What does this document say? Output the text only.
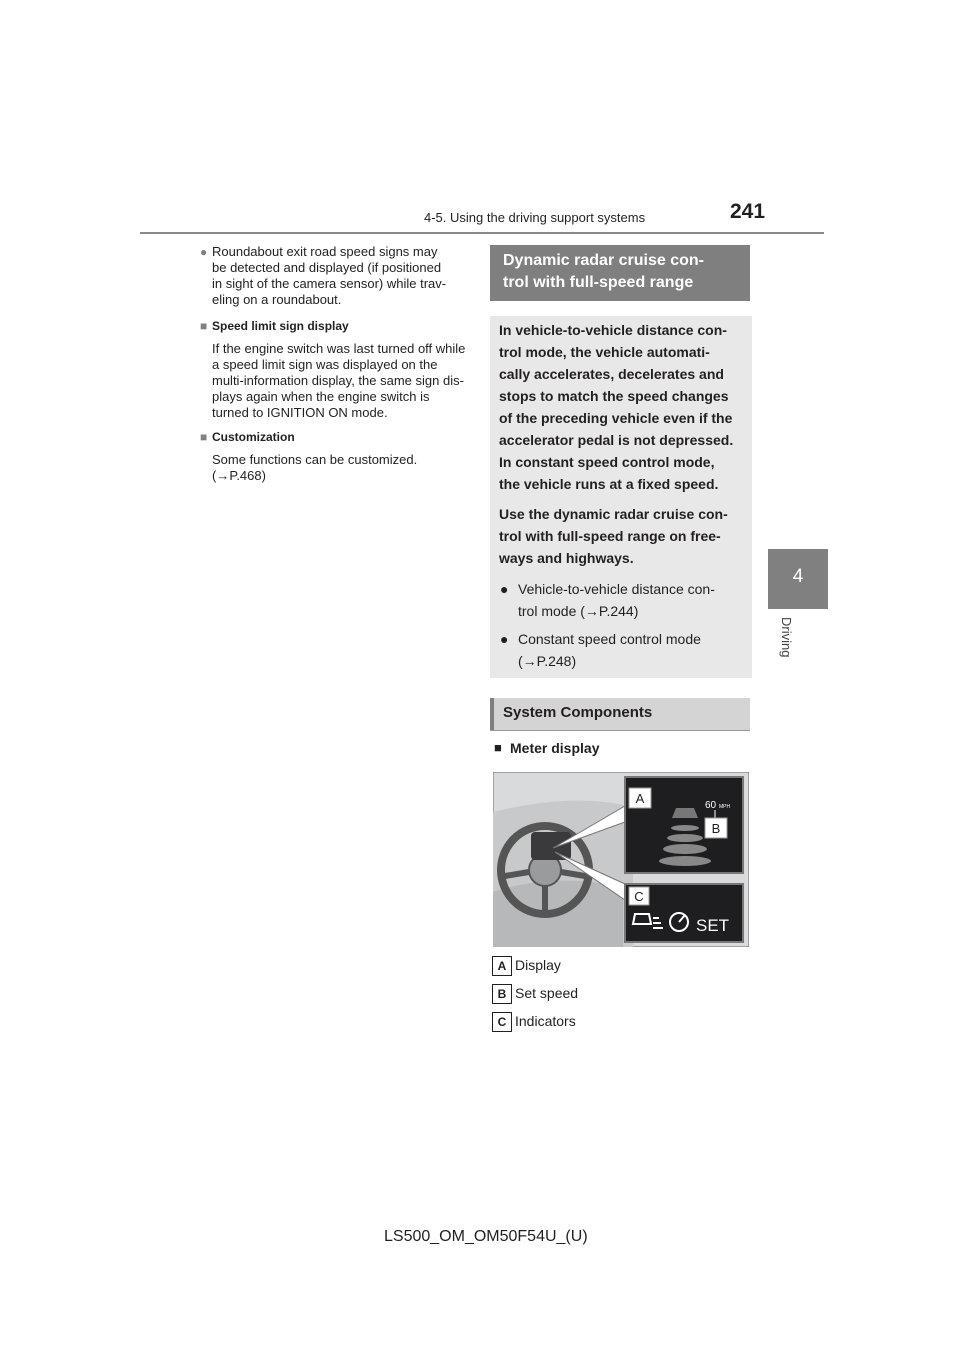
4-5. Using the driving support systems	241
4
Driving
● Roundabout exit road speed signs may
be detected and displayed (if positioned
in sight of the camera sensor) while trav-
eling on a roundabout.
■ Speed limit sign display
If the engine switch was last turned off while
a speed limit sign was displayed on the
multi-information display, the same sign dis-
plays again when the engine switch is
turned to IGNITION ON mode.
■ Customization
Some functions can be customized.
(→P.468)
Dynamic radar cruise con-
trol with full-speed range
In vehicle-to-vehicle distance con-
trol mode, the vehicle automati-
cally accelerates, decelerates and
stops to match the speed changes
of the preceding vehicle even if the
accelerator pedal is not depressed.
In constant speed control mode,
the vehicle runs at a fixed speed.
Use the dynamic radar cruise con-
trol with full-speed range on free-
ways and highways.
● Vehicle-to-vehicle distance con-
trol mode (→P.244)
● Constant speed control mode
(→P.248)
System Components
■ Meter display
A	60 MPH
B
C
SET
A Display
B Set speed
C Indicators
LS500_OM_OM50F54U_(U)
